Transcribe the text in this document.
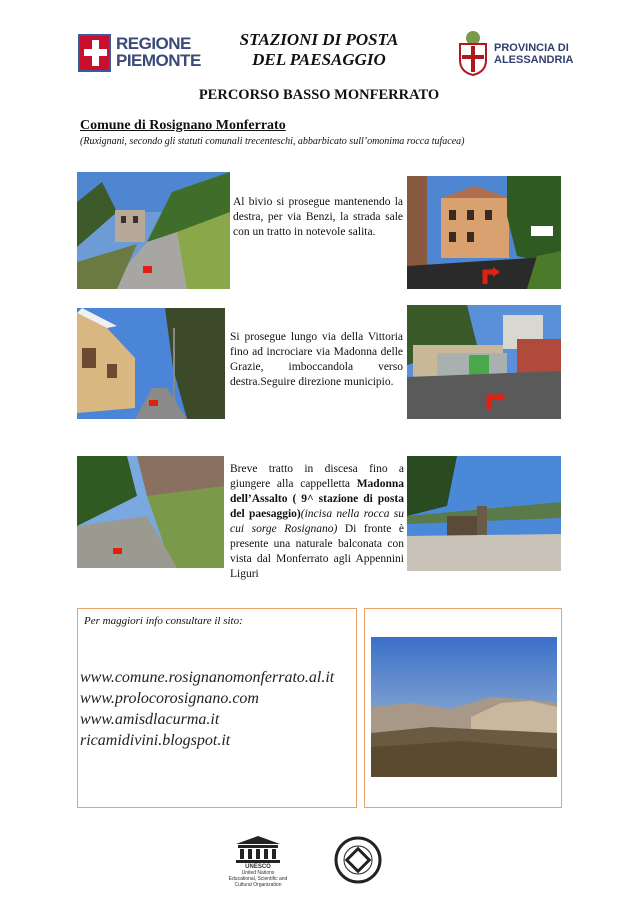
REGIONE
PIEMONTE
STAZIONI DI POSTA
DEL PAESAGGIO
PROVINCIA DI
ALESSANDRIA
PERCORSO BASSO MONFERRATO
Comune di Rosignano Monferrato
(Ruxignani, secondo gli statuti comunali trecenteschi, abbarbicato sull’omonima rocca tufacea)
Al bivio si prosegue mantenendo la destra, per via Benzi, la strada sale con un tratto in notevole salita.
Si prosegue lungo via della Vittoria fino ad incrociare via Madonna delle Grazie, imboccandola verso destra.Seguire direzione municipio.
Breve tratto in discesa fino a giungere alla cappelletta Madonna dell’Assalto ( 9^ stazione di posta del paesaggio)(incisa nella rocca su cui sorge Rosignano) Di fronte è presente una naturale balconata con vista dal Monferrato agli Appennini Liguri
Per maggiori info consultare il sito:
www.comune.rosignanomonferrato.al.it
www.prolocorosignano.com
www.amisdlacurma.it
ricamidivini.blogspot.it
UNESCO
United Nations Educational, Scientific and Cultural Organization
